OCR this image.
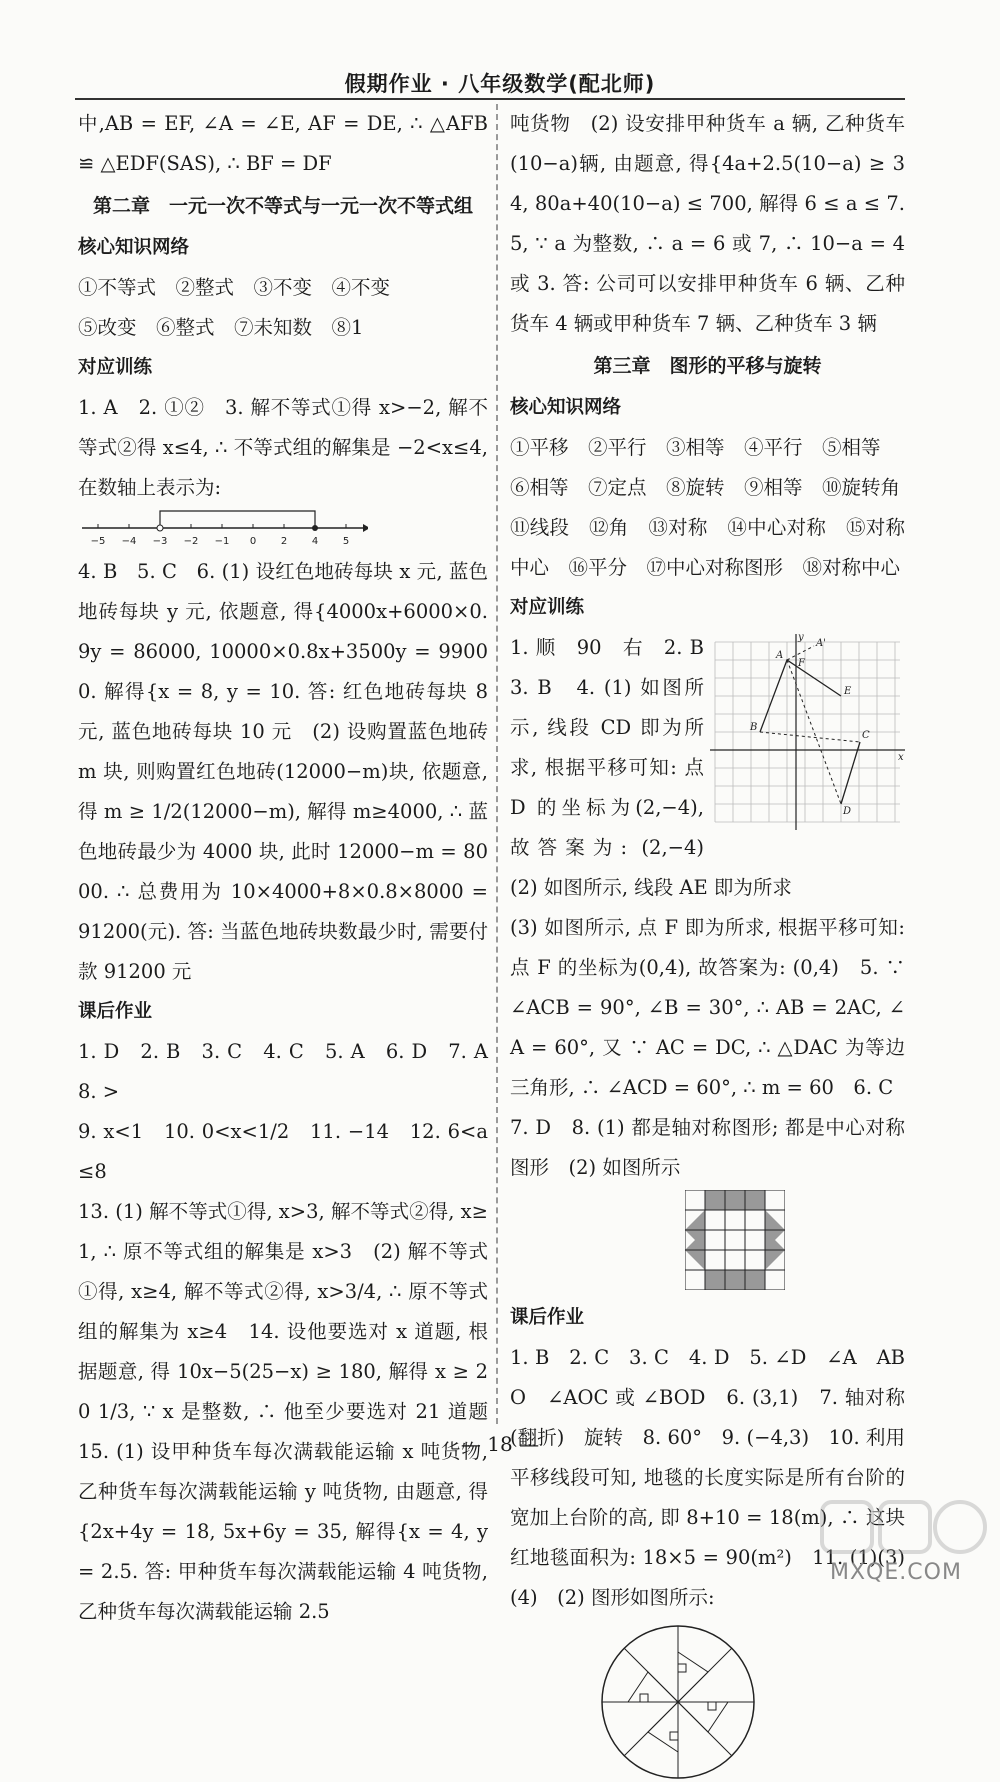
假期作业 · 八年级数学(配北师)

中,AB = EF, ∠A = ∠E, AF = DE, ∴ △AFB ≌ △EDF(SAS), ∴ BF = DF

第二章　一元一次不等式与一元一次不等式组

核心知识网络

①不等式　②整式　③不变　④不变

⑤改变　⑥整式　⑦未知数　⑧1

对应训练

1. A　2. ①②　3. 解不等式①得 x>−2, 解不等式②得 x≤4, ∴ 不等式组的解集是 −2<x≤4, 在数轴上表示为:

−5 −4 −3 −2 −1 0 2 4 5

4. B　5. C　6. (1) 设红色地砖每块 x 元, 蓝色地砖每块 y 元, 依题意, 得{4000x+6000×0.9y = 86000, 10000×0.8x+3500y = 99000. 解得{x = 8, y = 10. 答: 红色地砖每块 8 元, 蓝色地砖每块 10 元　(2) 设购置蓝色地砖 m 块, 则购置红色地砖(12000−m)块, 依题意, 得 m ≥ 1/2(12000−m), 解得 m≥4000, ∴ 蓝色地砖最少为 4000 块, 此时 12000−m = 8000. ∴ 总费用为 10×4000+8×0.8×8000 = 91200(元). 答: 当蓝色地砖块数最少时, 需要付款 91200 元

课后作业

1. D　2. B　3. C　4. C　5. A　6. D　7. A　8. >

9. x<1　10. 0<x<1/2　11. −14　12. 6<a≤8

13. (1) 解不等式①得, x>3, 解不等式②得, x≥1, ∴ 原不等式组的解集是 x>3　(2) 解不等式①得, x≥4, 解不等式②得, x>3/4, ∴ 原不等式组的解集为 x≥4　14. 设他要选对 x 道题, 根据题意, 得 10x−5(25−x) ≥ 180, 解得 x ≥ 20 1/3, ∵ x 是整数, ∴ 他至少要选对 21 道题　15. (1) 设甲种货车每次满载能运输 x 吨货物, 乙种货车每次满载能运输 y 吨货物, 由题意, 得{2x+4y = 18, 5x+6y = 35, 解得{x = 4, y = 2.5. 答: 甲种货车每次满载能运输 4 吨货物, 乙种货车每次满载能运输 2.5

吨货物　(2) 设安排甲种货车 a 辆, 乙种货车(10−a)辆, 由题意, 得{4a+2.5(10−a) ≥ 34, 80a+40(10−a) ≤ 700, 解得 6 ≤ a ≤ 7.5, ∵ a 为整数, ∴ a = 6 或 7, ∴ 10−a = 4 或 3. 答: 公司可以安排甲种货车 6 辆、乙种货车 4 辆或甲种货车 7 辆、乙种货车 3 辆

第三章　图形的平移与旋转

核心知识网络

①平移　②平行　③相等　④平行　⑤相等

⑥相等　⑦定点　⑧旋转　⑨相等　⑩旋转角

⑪线段　⑫角　⑬对称　⑭中心对称　⑮对称中心　⑯平分　⑰中心对称图形　⑱对称中心

对应训练

y
x
A
A'
B
C
D
E
F

1. 顺　90　右　2. B　3. B　4. (1) 如图所示, 线段 CD 即为所求, 根据平移可知: 点 D 的坐标为(2,−4), 故答案为: (2,−4)　(2) 如图所示, 线段 AE 即为所求

(3) 如图所示, 点 F 即为所求, 根据平移可知: 点 F 的坐标为(0,4), 故答案为: (0,4)　5. ∵ ∠ACB = 90°, ∠B = 30°, ∴ AB = 2AC, ∠A = 60°, 又 ∵ AC = DC, ∴ △DAC 为等边三角形, ∴ ∠ACD = 60°, ∴ m = 60　6. C

7. D　8. (1) 都是轴对称图形; 都是中心对称图形　(2) 如图所示

课后作业

1. B　2. C　3. C　4. D　5. ∠D　∠A　AB　O　∠AOC 或 ∠BOD　6. (3,1)　7. 轴对称(翻折)　旋转　8. 60°　9. (−4,3)　10. 利用平移线段可知, 地毯的长度实际是所有台阶的宽加上台阶的高, 即 8+10 = 18(m), ∴ 这块红地毯面积为: 18×5 = 90(m²)　11. (1)(3)(4)　(2) 图形如图所示:

— 18 —
MXQE.COM
